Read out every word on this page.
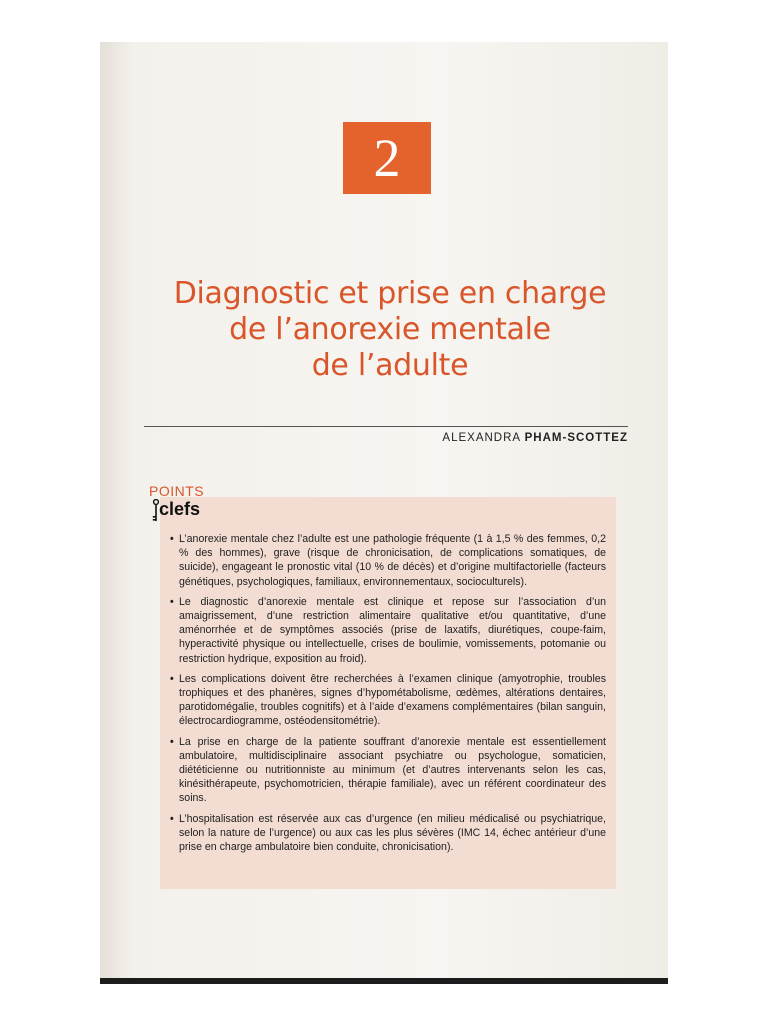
2
Diagnostic et prise en charge
de l’anorexie mentale
de l’adulte
ALEXANDRA PHAM-SCOTTEZ
POINTS
clefs
• L’anorexie mentale chez l’adulte est une pathologie fréquente (1 à 1,5 % des femmes, 0,2 % des hommes), grave (risque de chronicisation, de complications somatiques, de suicide), engageant le pronostic vital (10 % de décès) et d’origine multifactorielle (facteurs génétiques, psychologiques, familiaux, environnementaux, socioculturels).
• Le diagnostic d’anorexie mentale est clinique et repose sur l’association d’un amaigrissement, d’une restriction alimentaire qualitative et/ou quantitative, d’une aménorrhée et de symptômes associés (prise de laxatifs, diurétiques, coupe-faim, hyperactivité physique ou intellectuelle, crises de boulimie, vomissements, potomanie ou restriction hydrique, exposition au froid).
• Les complications doivent être recherchées à l’examen clinique (amyotrophie, troubles trophiques et des phanères, signes d’hypométabolisme, œdèmes, altérations dentaires, parotidomégalie, troubles cognitifs) et à l’aide d’examens complémentaires (bilan sanguin, électrocardiogramme, ostéodensitométrie).
• La prise en charge de la patiente souffrant d’anorexie mentale est essentiellement ambulatoire, multidisciplinaire associant psychiatre ou psychologue, somaticien, diététicienne ou nutritionniste au minimum (et d’autres intervenants selon les cas, kinésithérapeute, psychomotricien, thérapie familiale), avec un référent coordinateur des soins.
• L’hospitalisation est réservée aux cas d’urgence (en milieu médicalisé ou psychiatrique, selon la nature de l’urgence) ou aux cas les plus sévères (IMC 14, échec antérieur d’une prise en charge ambulatoire bien conduite, chronicisation).
